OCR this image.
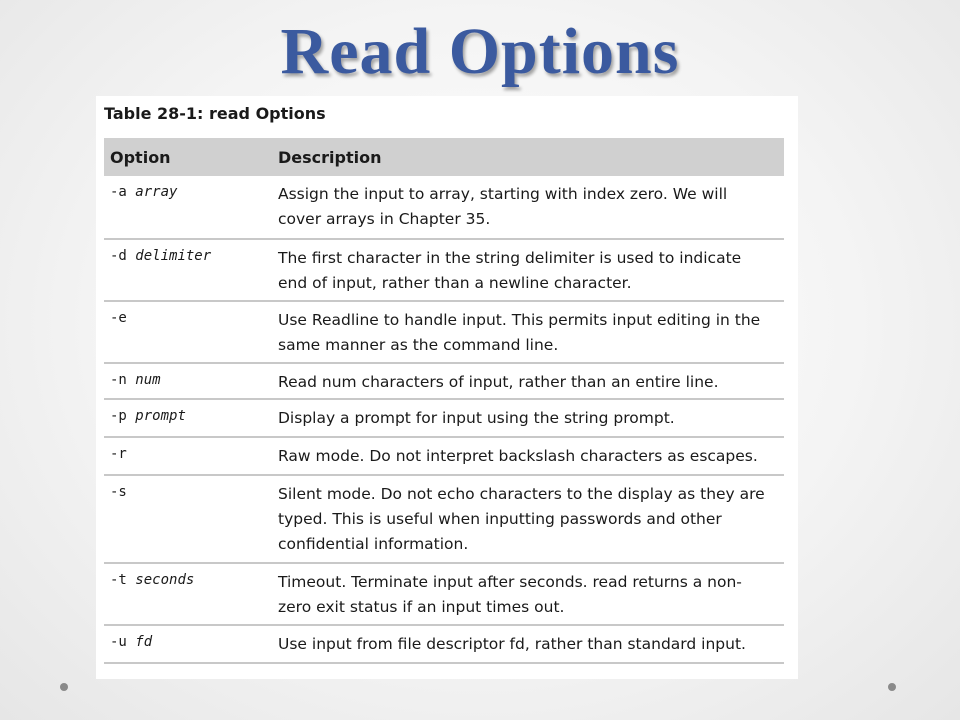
Read Options
Table 28-1: read Options
Option	Description
-a array	Assign the input to array, starting with index zero. We will cover arrays in Chapter 35.
-d delimiter	The first character in the string delimiter is used to indicate end of input, rather than a newline character.
-e	Use Readline to handle input. This permits input editing in the same manner as the command line.
-n num	Read num characters of input, rather than an entire line.
-p prompt	Display a prompt for input using the string prompt.
-r	Raw mode. Do not interpret backslash characters as escapes.
-s	Silent mode. Do not echo characters to the display as they are typed. This is useful when inputting passwords and other confidential information.
-t seconds	Timeout. Terminate input after seconds. read returns a non-zero exit status if an input times out.
-u fd	Use input from file descriptor fd, rather than standard input.
